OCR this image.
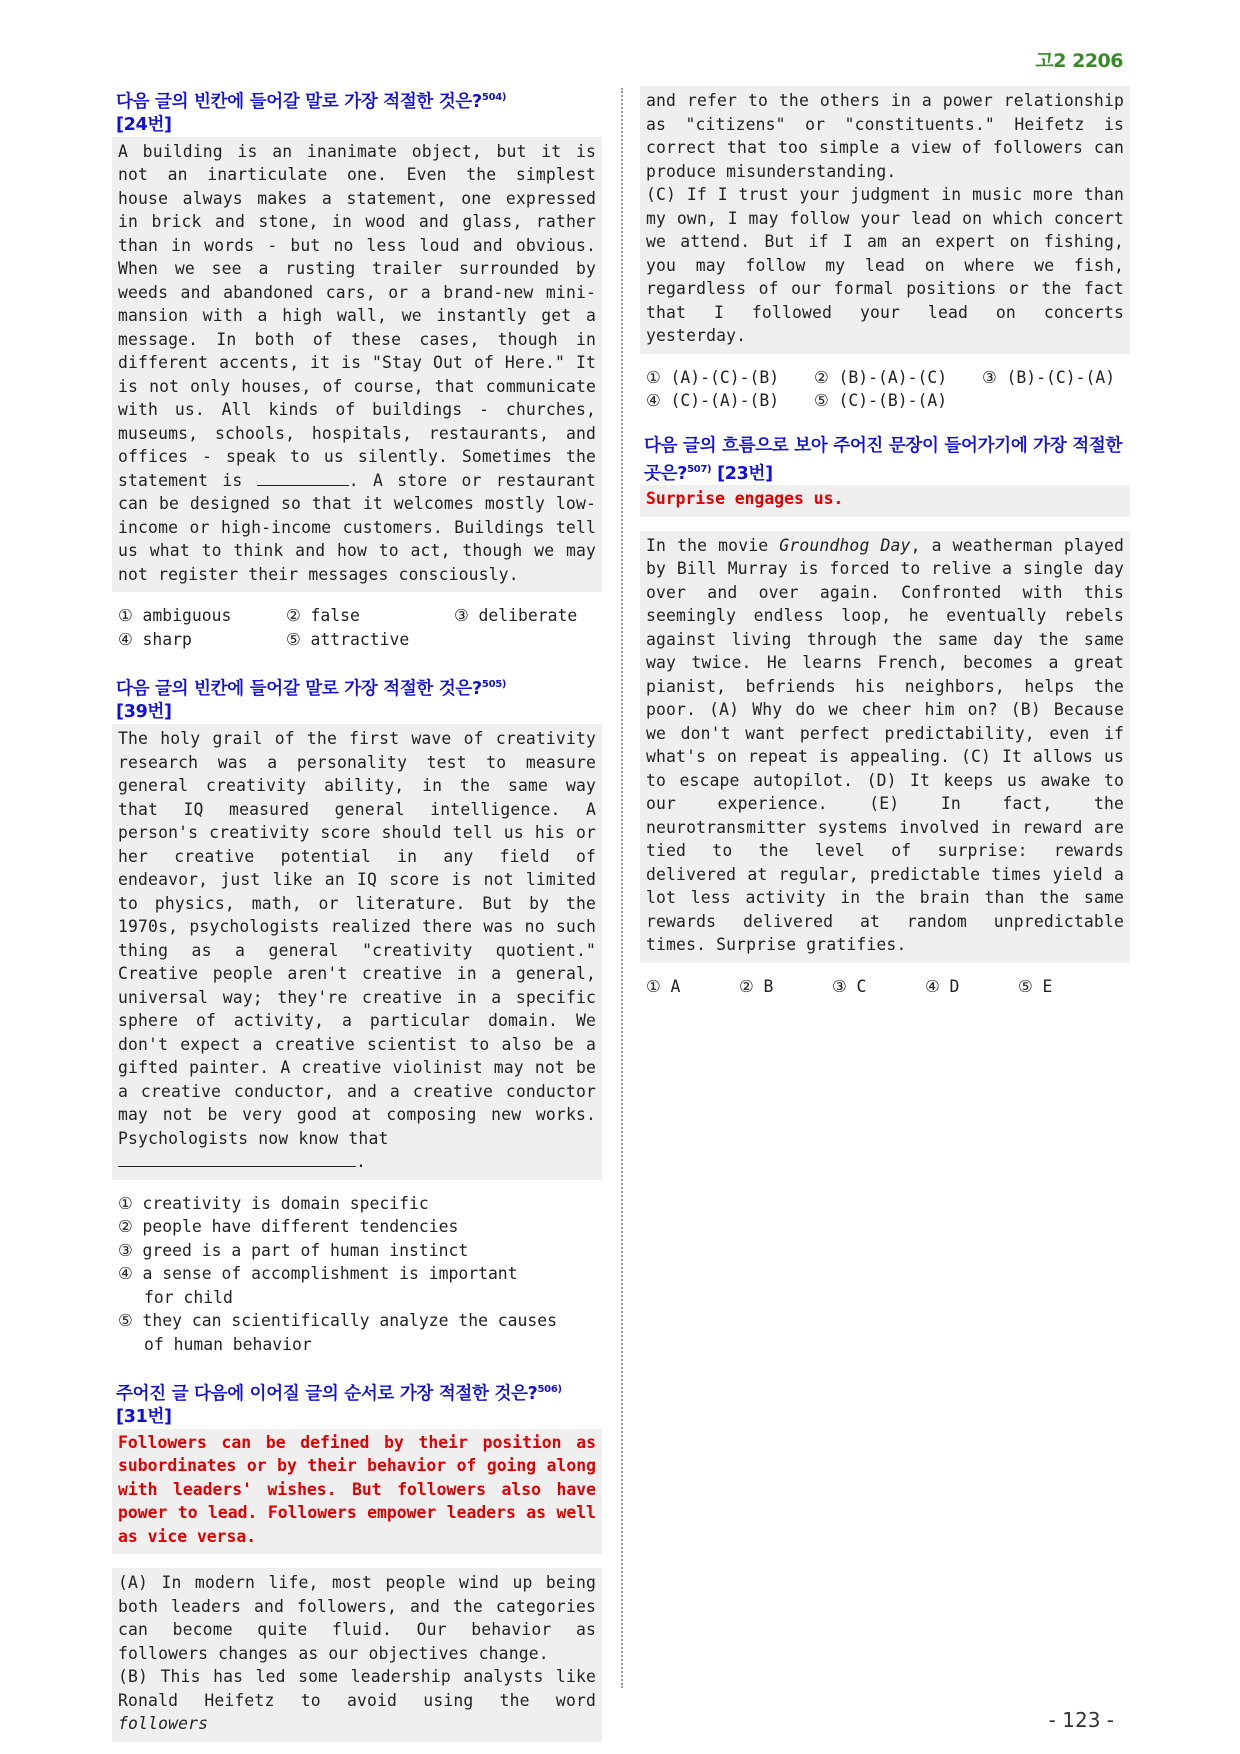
고2 2206
다음 글의 빈칸에 들어갈 말로 가장 적절한 것은?$^{504)}$
[24번]

A building is an inanimate object, but it is not an inarticulate one. Even the simplest house always makes a statement, one expressed in brick and stone, in wood and glass, rather than in words - but no less loud and obvious. When we see a rusting trailer surrounded by weeds and abandoned cars, or a brand-new mini-mansion with a high wall, we instantly get a message. In both of these cases, though in different accents, it is "Stay Out of Here." It is not only houses, of course, that communicate with us. All kinds of buildings - churches, museums, schools, hospitals, restaurants, and offices - speak to us silently. Sometimes the statement is	. A store or restaurant can be designed so that it welcomes mostly low-income or high-income customers. Buildings tell us what to think and how to act, though we may not register their messages consciously.

① ambiguous	② false	③ deliberate
④ sharp	⑤ attractive
다음 글의 빈칸에 들어갈 말로 가장 적절한 것은?$^{505)}$
[39번]

The holy grail of the first wave of creativity research was a personality test to measure general creativity ability, in the same way that IQ measured general intelligence. A person's creativity score should tell us his or her creative potential in any field of endeavor, just like an IQ score is not limited to physics, math, or literature. But by the 1970s, psychologists realized there was no such thing as a general "creativity quotient." Creative people aren't creative in a general, universal way; they're creative in a specific sphere of activity, a particular domain. We don't expect a creative scientist to also be a gifted painter. A creative violinist may not be a creative conductor, and a creative conductor may not be very good at composing new works. Psychologists now know that
.

① creativity is domain specific
② people have different tendencies
③ greed is a part of human instinct
④ a sense of accomplishment is important for child
⑤ they can scientifically analyze the causes of human behavior
주어진 글 다음에 이어질 글의 순서로 가장 적절한 것은?$^{506)}$ [31번]
Followers can be defined by their position as subordinates or by their behavior of going along with leaders' wishes. But followers also have power to lead. Followers empower leaders as well as vice versa.

(A) In modern life, most people wind up being both leaders and followers, and the categories can become quite fluid. Our behavior as followers changes as our objectives change.

(B) This has led some leadership analysts like Ronald Heifetz to avoid using the word followers

and refer to the others in a power relationship as "citizens" or "constituents." Heifetz is correct that too simple a view of followers can produce misunderstanding.

(C) If I trust your judgment in music more than my own, I may follow your lead on which concert we attend. But if I am an expert on fishing, you may follow my lead on where we fish, regardless of our formal positions or the fact that I followed your lead on concerts yesterday.

① (A)-(C)-(B)	② (B)-(A)-(C)	③ (B)-(C)-(A)
④ (C)-(A)-(B)	⑤ (C)-(B)-(A)
다음 글의 흐름으로 보아 주어진 문장이 들어가기에 가장 적절한 곳은?$^{507)}$ [23번]
Surprise engages us.

In the movie Groundhog Day, a weatherman played by Bill Murray is forced to relive a single day over and over again. Confronted with this seemingly endless loop, he eventually rebels against living through the same day the same way twice. He learns French, becomes a great pianist, befriends his neighbors, helps the poor. (A) Why do we cheer him on? (B) Because we don't want perfect predictability, even if what's on repeat is appealing. (C) It allows us to escape autopilot. (D) It keeps us awake to our experience. (E) In fact, the neurotransmitter systems involved in reward are tied to the level of surprise: rewards delivered at regular, predictable times yield a lot less activity in the brain than the same rewards delivered at random unpredictable times. Surprise gratifies.

① A	② B	③ C	④ D	⑤ E
- 123 -
